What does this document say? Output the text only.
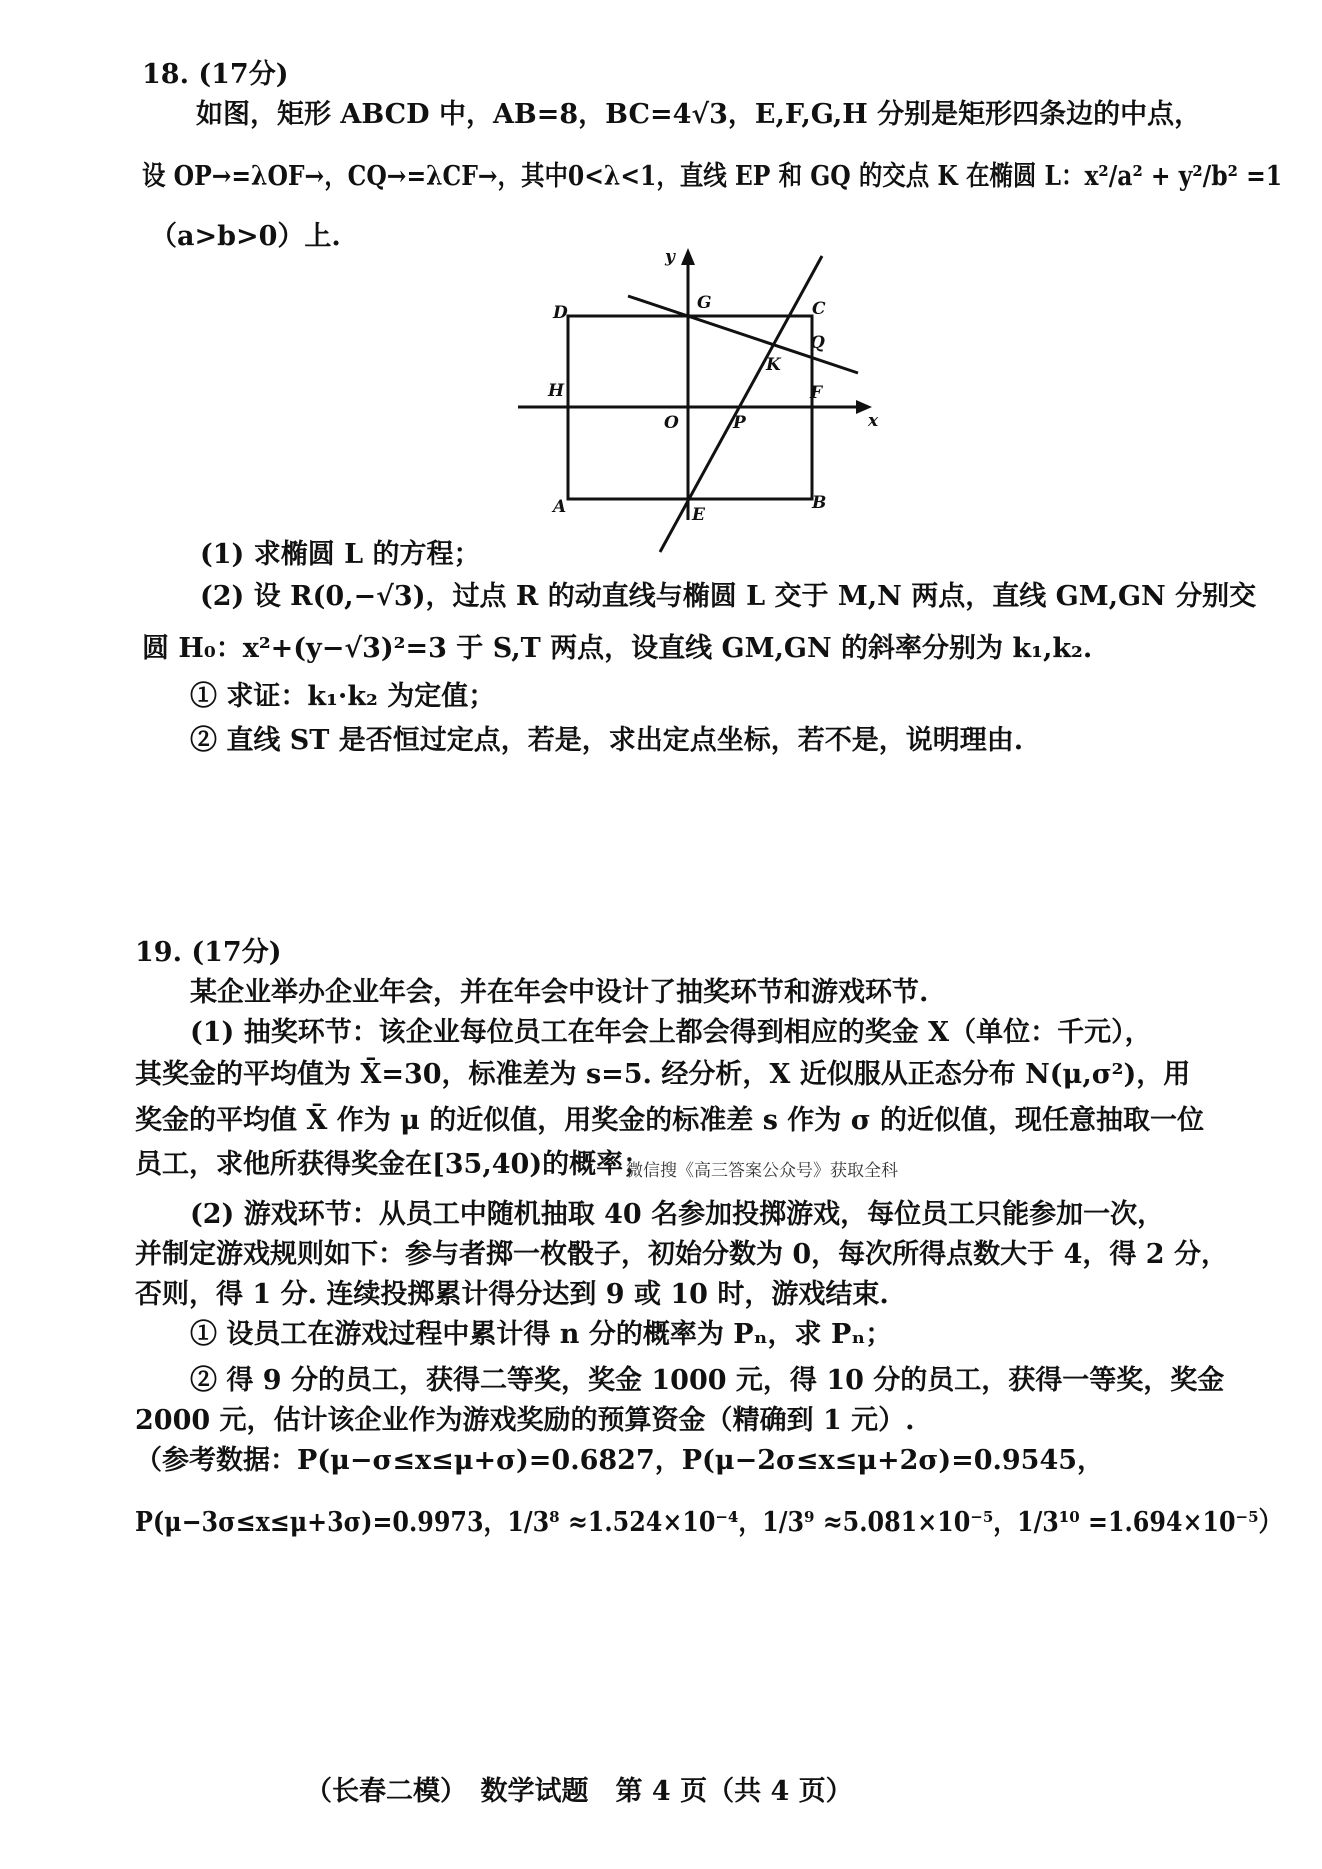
18. (17分)
如图，矩形 ABCD 中，AB=8，BC=4√3，E,F,G,H 分别是矩形四条边的中点，
设 OP→=λOF→，CQ→=λCF→，其中0<λ<1，直线 EP 和 GQ 的交点 K 在椭圆 L：x²/a² + y²/b² =1
（a>b>0）上.
y
x
D	G	C
Q
K
H	F
O	P
A	E
B
(1) 求椭圆 L 的方程；
(2) 设 R(0,−√3)，过点 R 的动直线与椭圆 L 交于 M,N 两点，直线 GM,GN 分别交
圆 H₀：x²+(y−√3)²=3 于 S,T 两点，设直线 GM,GN 的斜率分别为 k₁,k₂.
① 求证：k₁·k₂ 为定值；
② 直线 ST 是否恒过定点，若是，求出定点坐标，若不是，说明理由.
19. (17分)
某企业举办企业年会，并在年会中设计了抽奖环节和游戏环节.
(1) 抽奖环节：该企业每位员工在年会上都会得到相应的奖金 X（单位：千元），
其奖金的平均值为 X̄=30，标准差为 s=5. 经分析，X 近似服从正态分布 N(μ,σ²)，用
奖金的平均值 X̄ 作为 μ 的近似值，用奖金的标准差 s 作为 σ 的近似值，现任意抽取一位
员工，求他所获得奖金在[35,40)的概率；
微信搜《高三答案公众号》获取全科
(2) 游戏环节：从员工中随机抽取 40 名参加投掷游戏，每位员工只能参加一次，
并制定游戏规则如下：参与者掷一枚骰子，初始分数为 0，每次所得点数大于 4，得 2 分，
否则，得 1 分. 连续投掷累计得分达到 9 或 10 时，游戏结束.
① 设员工在游戏过程中累计得 n 分的概率为 Pₙ，求 Pₙ；
② 得 9 分的员工，获得二等奖，奖金 1000 元，得 10 分的员工，获得一等奖，奖金
2000 元，估计该企业作为游戏奖励的预算资金（精确到 1 元）.
（参考数据：P(μ−σ≤x≤μ+σ)=0.6827，P(μ−2σ≤x≤μ+2σ)=0.9545，
P(μ−3σ≤x≤μ+3σ)=0.9973，1/3⁸ ≈1.524×10⁻⁴，1/3⁹ ≈5.081×10⁻⁵，1/3¹⁰ =1.694×10⁻⁵）
（长春二模）　数学试题　第 4 页（共 4 页）
